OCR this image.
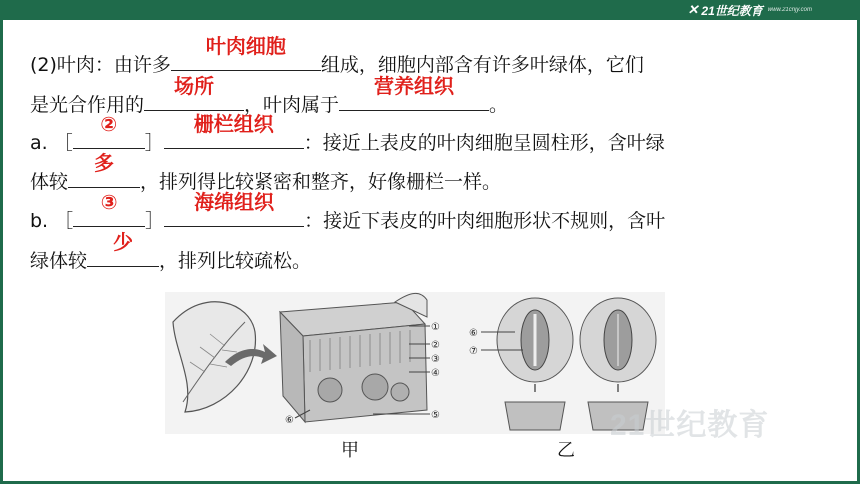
✕ 21世纪教育 www.21cnjy.com
(2)叶肉：由许多
叶肉细胞
组成，细胞内部含有许多叶绿体，它们
是光合作用的
场所
，叶肉属于
营养组织
。
a. ［
②
］
栅栏组织
：接近上表皮的叶肉细胞呈圆柱形，含叶绿
体较
多
，排列得比较紧密和整齐，好像栅栏一样。
b. ［
③
］
海绵组织
：接近下表皮的叶肉细胞形状不规则，含叶
绿体较
少
，排列比较疏松。
①
②
③
④
⑤
⑥
⑥
⑦
21世纪教育
甲	乙
